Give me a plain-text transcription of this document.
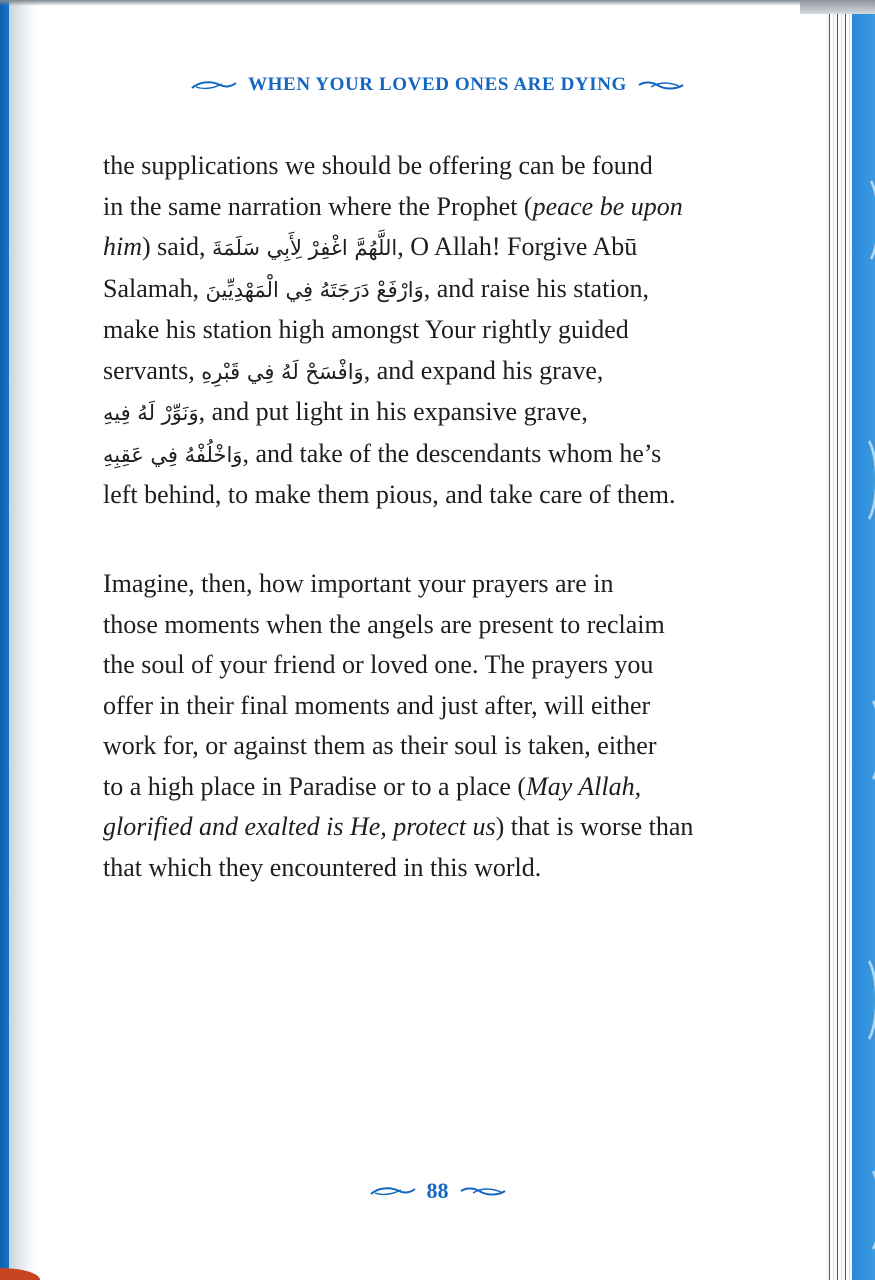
WHEN YOUR LOVED ONES ARE DYING
the supplications we should be offering can be found
in the same narration where the Prophet (peace be upon
him) said, اللَّهُمَّ اغْفِرْ لِأَبِي سَلَمَةَ, O Allah! Forgive Abū
Salamah, وَارْفَعْ دَرَجَتَهُ فِي الْمَهْدِيِّينَ, and raise his station,
make his station high amongst Your rightly guided
servants, وَافْسَحْ لَهُ فِي قَبْرِهِ, and expand his grave,
وَنَوِّرْ لَهُ فِيهِ, and put light in his expansive grave,
وَاخْلُفْهُ فِي عَقِبِهِ, and take of the descendants whom he’s
left behind, to make them pious, and take care of them.
Imagine, then, how important your prayers are in
those moments when the angels are present to reclaim
the soul of your friend or loved one. The prayers you
offer in their final moments and just after, will either
work for, or against them as their soul is taken, either
to a high place in Paradise or to a place (May Allah,
glorified and exalted is He, protect us) that is worse than
that which they encountered in this world.
88
